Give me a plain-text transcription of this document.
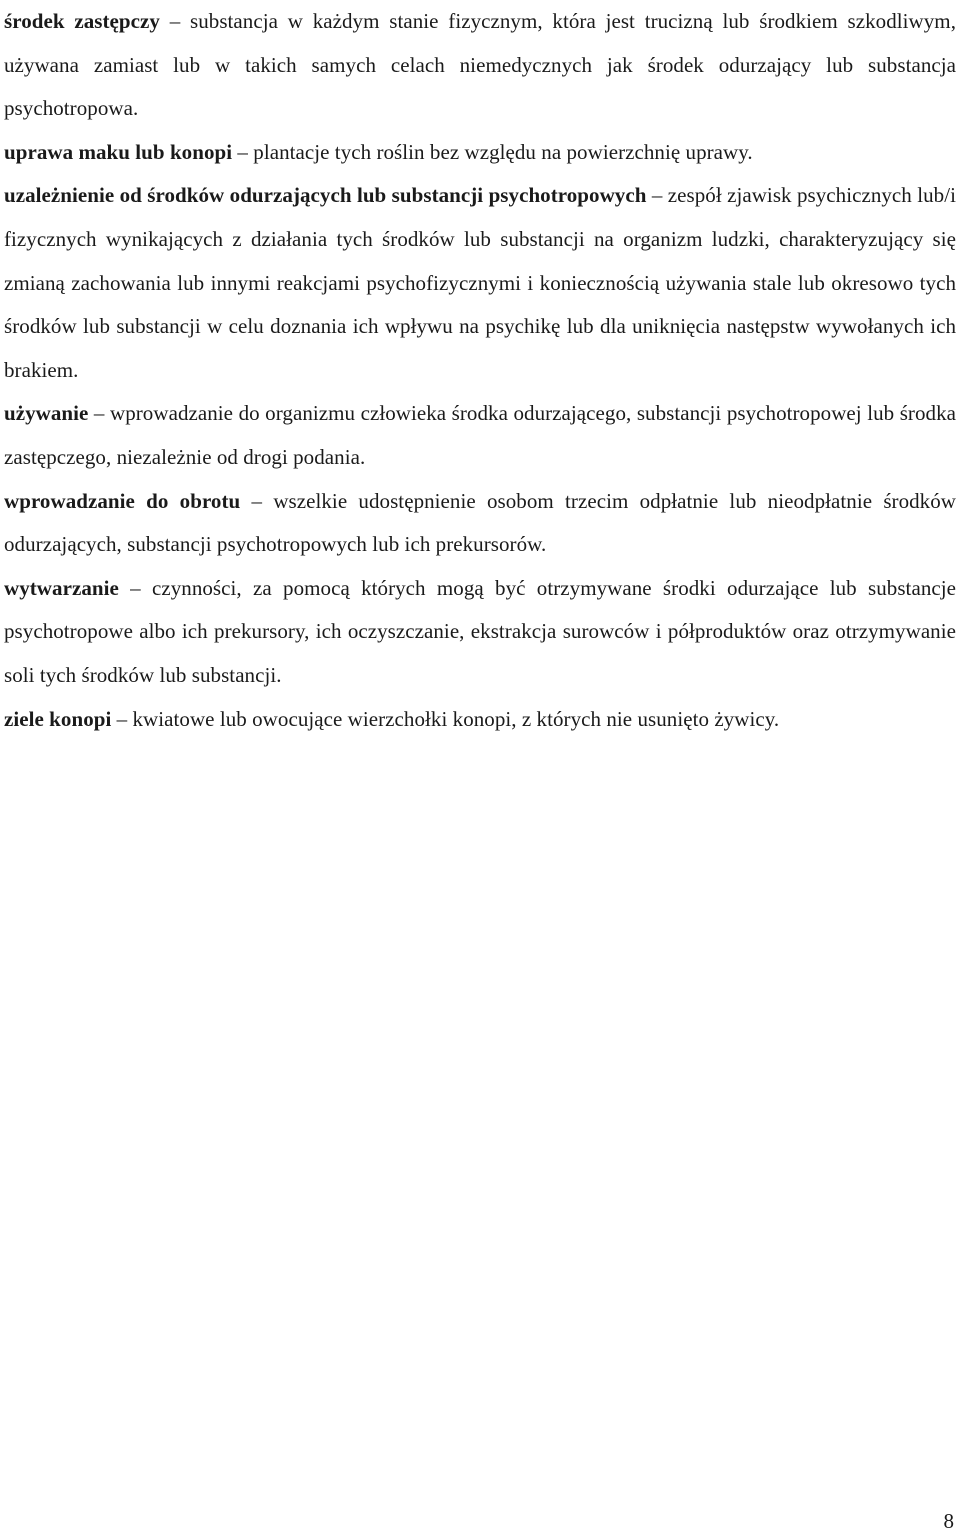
środek zastępczy – substancja w każdym stanie fizycznym, która jest trucizną lub środkiem szkodliwym, używana zamiast lub w takich samych celach niemedycznych jak środek odurzający lub substancja psychotropowa.

uprawa maku lub konopi – plantacje tych roślin bez względu na powierzchnię uprawy.

uzależnienie od środków odurzających lub substancji psychotropowych – zespół zjawisk psychicznych lub/i fizycznych wynikających z działania tych środków lub substancji na organizm ludzki, charakteryzujący się zmianą zachowania lub innymi reakcjami psychofizycznymi i koniecznością używania stale lub okresowo tych środków lub substancji w celu doznania ich wpływu na psychikę lub dla uniknięcia następstw wywołanych ich brakiem.

używanie – wprowadzanie do organizmu człowieka środka odurzającego, substancji psychotropowej lub środka zastępczego, niezależnie od drogi podania.

wprowadzanie do obrotu – wszelkie udostępnienie osobom trzecim odpłatnie lub nieodpłatnie środków odurzających, substancji psychotropowych lub ich prekursorów.

wytwarzanie – czynności, za pomocą których mogą być otrzymywane środki odurzające lub substancje psychotropowe albo ich prekursory, ich oczyszczanie, ekstrakcja surowców i półproduktów oraz otrzymywanie soli tych środków lub substancji.

ziele konopi – kwiatowe lub owocujące wierzchołki konopi, z których nie usunięto żywicy.

8
